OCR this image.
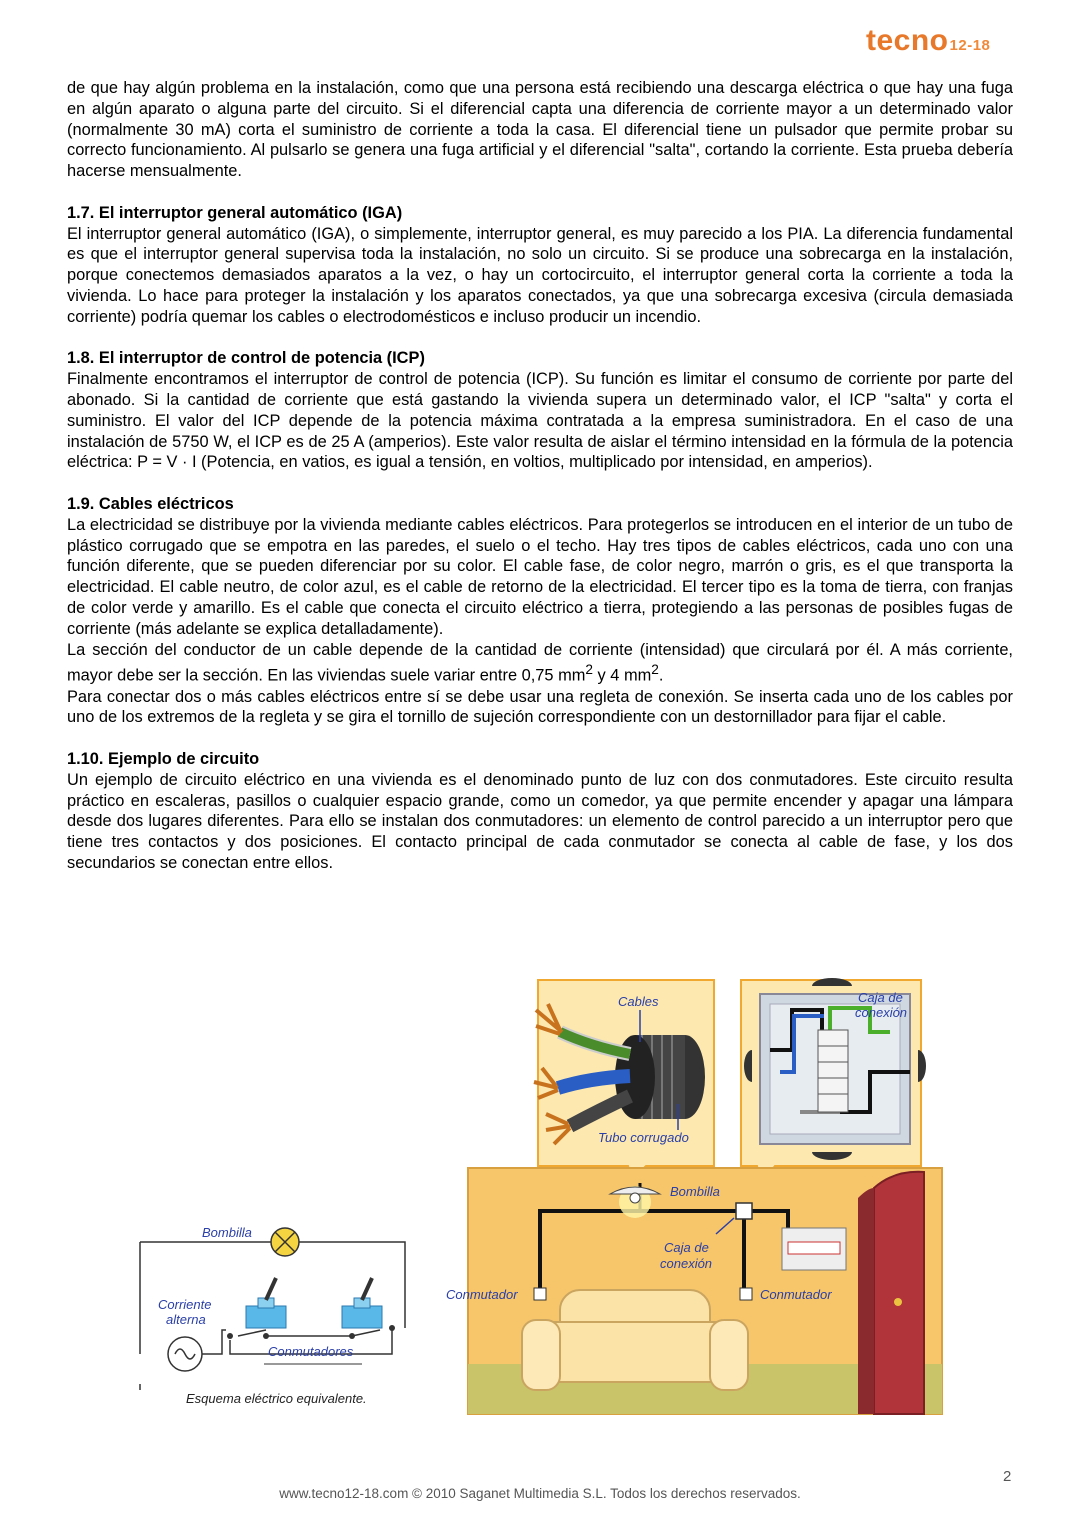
tecno12-18

de que hay algún problema en la instalación, como que una persona está recibiendo una descarga eléctrica o que hay una fuga en algún aparato o alguna parte del circuito. Si el diferencial capta una diferencia de corriente mayor a un determinado valor (normalmente 30 mA) corta el suministro de corriente a toda la casa. El diferencial tiene un pulsador que permite probar su correcto funcionamiento. Al pulsarlo se genera una fuga artificial y el diferencial "salta", cortando la corriente. Esta prueba debería hacerse mensualmente.

1.7. El interruptor general automático (IGA)

El interruptor general automático (IGA), o simplemente, interruptor general, es muy parecido a los PIA. La diferencia fundamental es que el interruptor general supervisa toda la instalación, no solo un circuito. Si se produce una sobrecarga en la instalación, porque conectemos demasiados aparatos a la vez, o hay un cortocircuito, el interruptor general corta la corriente a toda la vivienda. Lo hace para proteger la instalación y los aparatos conectados, ya que una sobrecarga excesiva (circula demasiada corriente) podría quemar los cables o electrodomésticos e incluso producir un incendio.

1.8. El interruptor de control de potencia (ICP)

Finalmente encontramos el interruptor de control de potencia (ICP). Su función es limitar el consumo de corriente por parte del abonado. Si la cantidad de corriente que está gastando la vivienda supera un determinado valor, el ICP "salta" y corta el suministro. El valor del ICP depende de la potencia máxima contratada a la empresa suministradora. En el caso de una instalación de 5750 W, el ICP es de 25 A (amperios). Este valor resulta de aislar el término intensidad en la fórmula de la potencia eléctrica: P = V · I (Potencia, en vatios, es igual a tensión, en voltios, multiplicado por intensidad, en amperios).

1.9. Cables eléctricos

La electricidad se distribuye por la vivienda mediante cables eléctricos. Para protegerlos se introducen en el interior de un tubo de plástico corrugado que se empotra en las paredes, el suelo o el techo. Hay tres tipos de cables eléctricos, cada uno con una función diferente, que se pueden diferenciar por su color. El cable fase, de color negro, marrón o gris, es el que transporta la electricidad. El cable neutro, de color azul, es el cable de retorno de la electricidad. El tercer tipo es la toma de tierra, con franjas de color verde y amarillo. Es el cable que conecta el circuito eléctrico a tierra, protegiendo a las personas de posibles fugas de corriente (más adelante se explica detalladamente).

La sección del conductor de un cable depende de la cantidad de corriente (intensidad) que circulará por él. A más corriente, mayor debe ser la sección. En las viviendas suele variar entre 0,75 $mm^2$ y 4 $mm^2$.

Para conectar dos o más cables eléctricos entre sí se debe usar una regleta de conexión. Se inserta cada uno de los cables por uno de los extremos de la regleta y se gira el tornillo de sujeción correspondiente con un destornillador para fijar el cable.

1.10. Ejemplo de circuito

Un ejemplo de circuito eléctrico en una vivienda es el denominado punto de luz con dos conmutadores. Este circuito resulta práctico en escaleras, pasillos o cualquier espacio grande, como un comedor, ya que permite encender y apagar una lámpara desde dos lugares diferentes. Para ello se instalan dos conmutadores: un elemento de control parecido a un interruptor pero que tiene tres contactos y dos posiciones. El contacto principal de cada conmutador se conecta al cable de fase, y los dos secundarios se conectan entre ellos.

Cables
Tubo corrugado
Caja de
conexión
Bombilla
Caja de
conexión
Conmutador	Conmutador
Bombilla
Corriente
alterna
Conmutadores
Esquema eléctrico equivalente.
2
www.tecno12-18.com © 2010 Saganet Multimedia S.L. Todos los derechos reservados.
